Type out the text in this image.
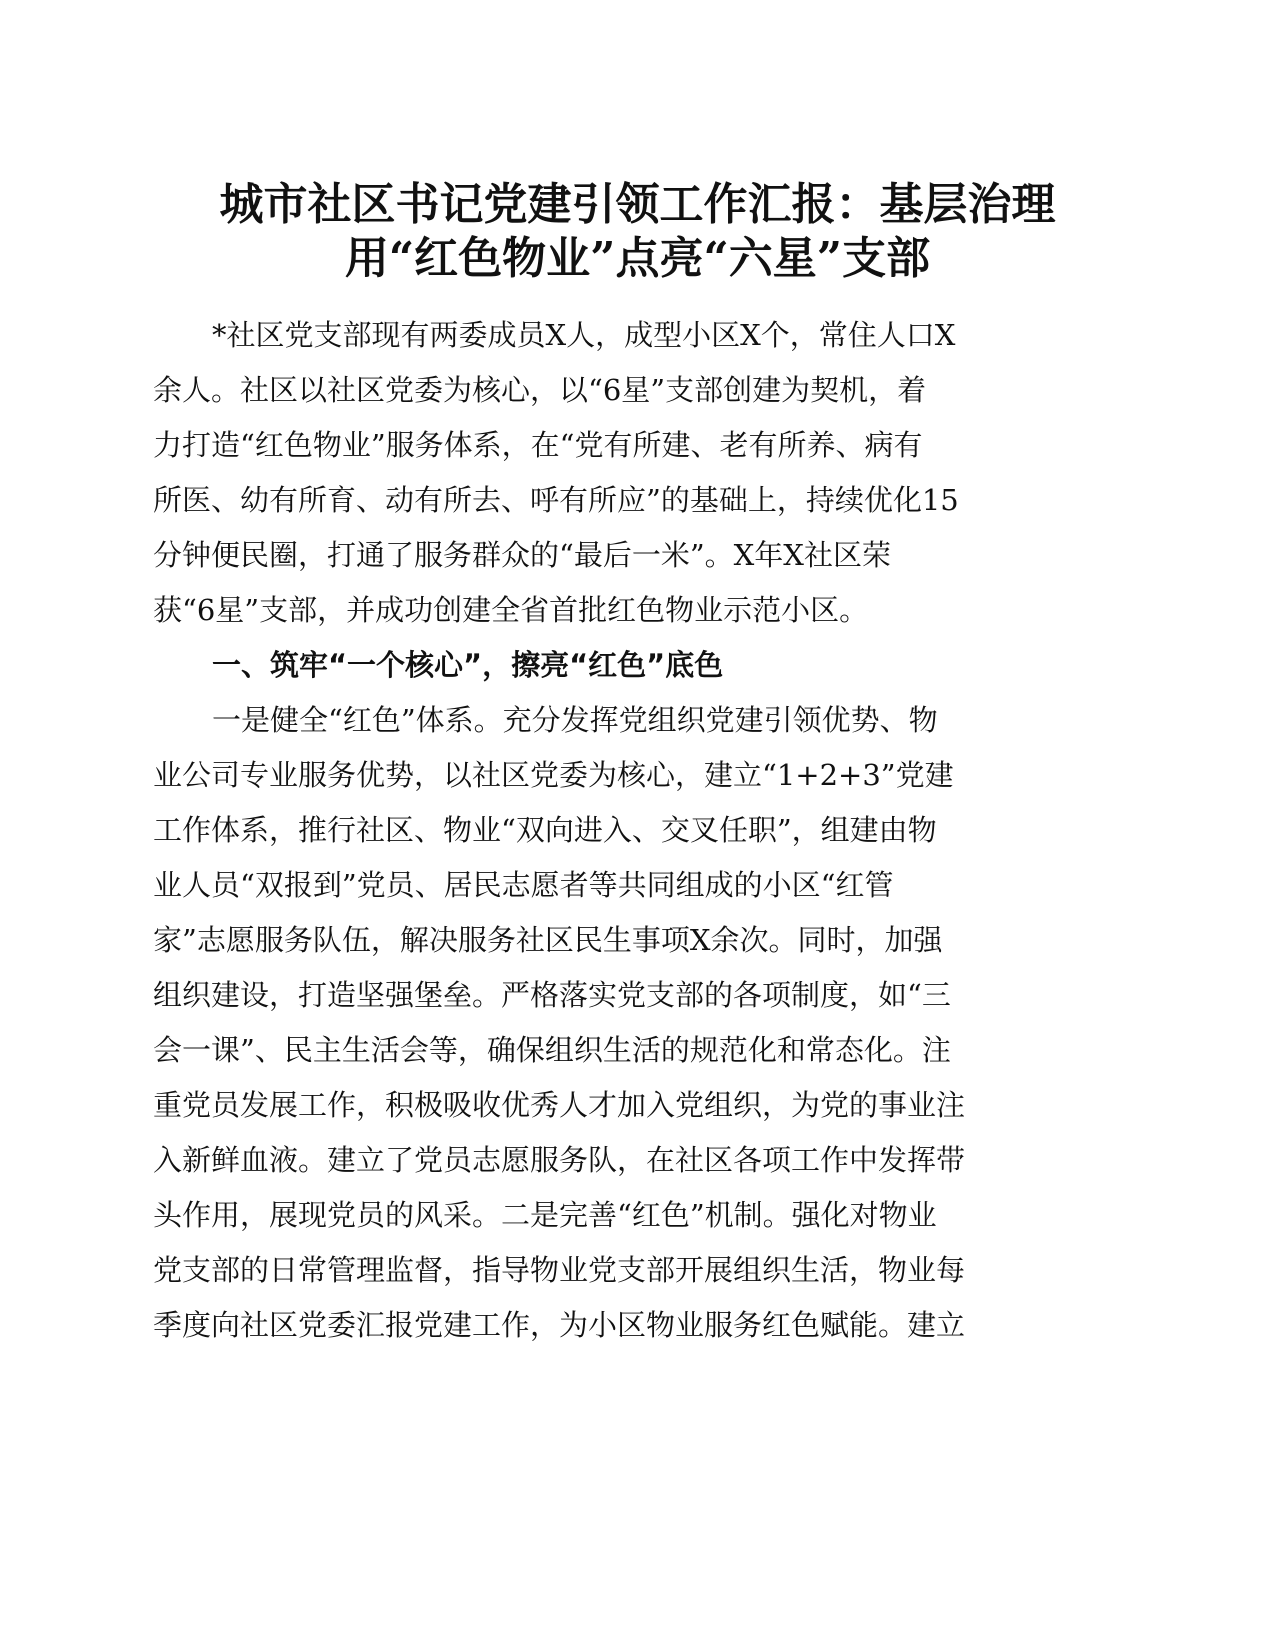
城市社区书记党建引领工作汇报：基层治理
用“红色物业”点亮“六星”支部
*社区党支部现有两委成员X人，成型小区X个，常住人口X
余人。社区以社区党委为核心，以“6星”支部创建为契机，着
力打造“红色物业”服务体系，在“党有所建、老有所养、病有
所医、幼有所育、动有所去、呼有所应”的基础上，持续优化15
分钟便民圈，打通了服务群众的“最后一米”。X年X社区荣
获“6星”支部，并成功创建全省首批红色物业示范小区。
一、筑牢“一个核心”，擦亮“红色”底色
一是健全“红色”体系。充分发挥党组织党建引领优势、物
业公司专业服务优势，以社区党委为核心，建立“1+2+3”党建
工作体系，推行社区、物业“双向进入、交叉任职”，组建由物
业人员“双报到”党员、居民志愿者等共同组成的小区“红管
家”志愿服务队伍，解决服务社区民生事项X余次。同时，加强
组织建设，打造坚强堡垒。严格落实党支部的各项制度，如“三
会一课”、民主生活会等，确保组织生活的规范化和常态化。注
重党员发展工作，积极吸收优秀人才加入党组织，为党的事业注
入新鲜血液。建立了党员志愿服务队，在社区各项工作中发挥带
头作用，展现党员的风采。二是完善“红色”机制。强化对物业
党支部的日常管理监督，指导物业党支部开展组织生活，物业每
季度向社区党委汇报党建工作，为小区物业服务红色赋能。建立
